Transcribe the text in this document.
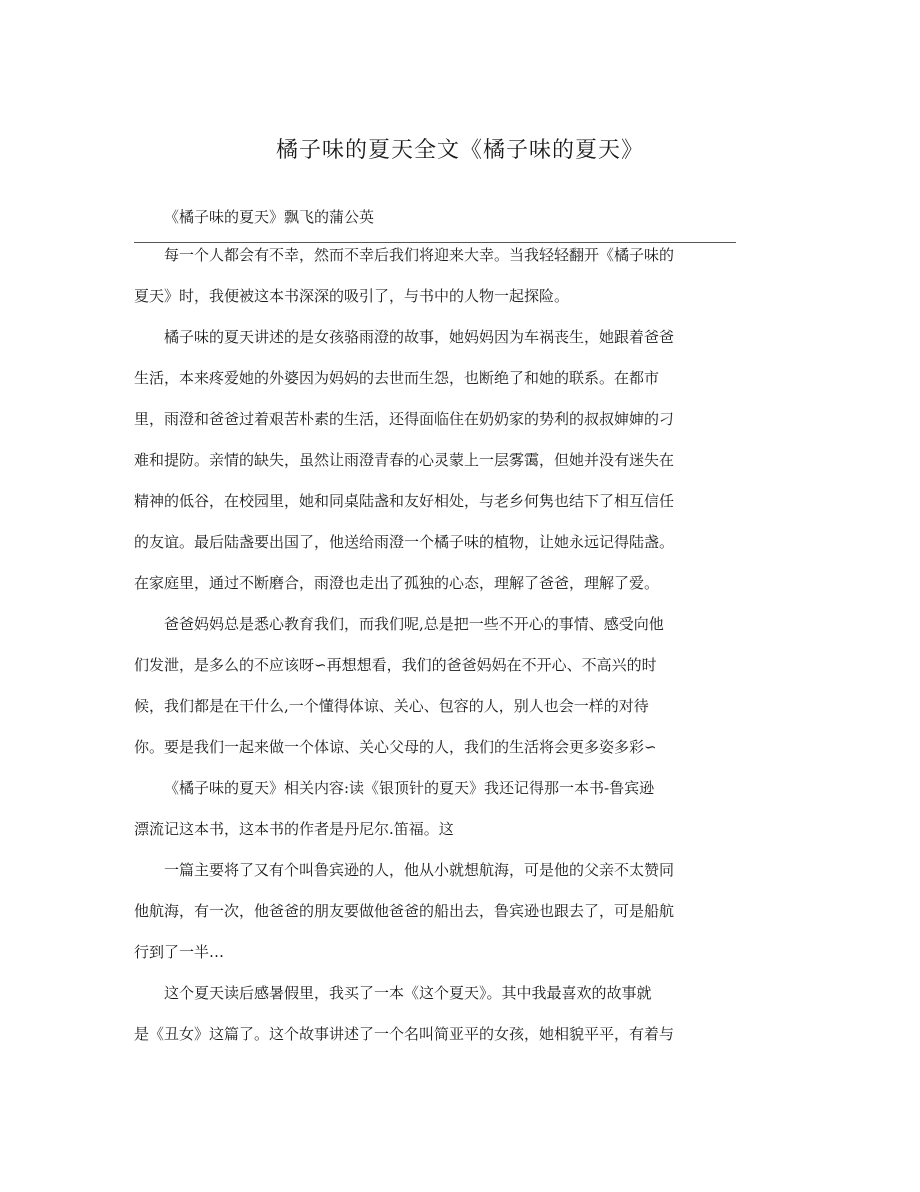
橘子味的夏天全文《橘子味的夏天》
《橘子味的夏天》飘飞的蒲公英
每一个人都会有不幸，然而不幸后我们将迎来大幸。当我轻轻翻开《橘子味的
夏天》时，我便被这本书深深的吸引了，与书中的人物一起探险。
橘子味的夏天讲述的是女孩骆雨澄的故事，她妈妈因为车祸丧生，她跟着爸爸
生活，本来疼爱她的外婆因为妈妈的去世而生怨，也断绝了和她的联系。在都市
里，雨澄和爸爸过着艰苦朴素的生活，还得面临住在奶奶家的势利的叔叔婶婶的刁
难和提防。亲情的缺失，虽然让雨澄青春的心灵蒙上一层雾霭，但她并没有迷失在
精神的低谷，在校园里，她和同桌陆盏和友好相处，与老乡何隽也结下了相互信任
的友谊。最后陆盏要出国了，他送给雨澄一个橘子味的植物，让她永远记得陆盏。
在家庭里，通过不断磨合，雨澄也走出了孤独的心态，理解了爸爸，理解了爱。
爸爸妈妈总是悉心教育我们，而我们呢,总是把一些不开心的事情、感受向他
们发泄，是多么的不应该呀∽再想想看，我们的爸爸妈妈在不开心、不高兴的时
候，我们都是在干什么,一个懂得体谅、关心、包容的人，别人也会一样的对待
你。要是我们一起来做一个体谅、关心父母的人，我们的生活将会更多姿多彩∽
《橘子味的夏天》相关内容:读《银顶针的夏天》我还记得那一本书-鲁宾逊
漂流记这本书，这本书的作者是丹尼尔.笛福。这
一篇主要将了又有个叫鲁宾逊的人，他从小就想航海，可是他的父亲不太赞同
他航海，有一次，他爸爸的朋友要做他爸爸的船出去，鲁宾逊也跟去了，可是船航
行到了一半…
这个夏天读后感暑假里，我买了一本《这个夏天》。其中我最喜欢的故事就
是《丑女》这篇了。这个故事讲述了一个名叫简亚平的女孩，她相貌平平，有着与
